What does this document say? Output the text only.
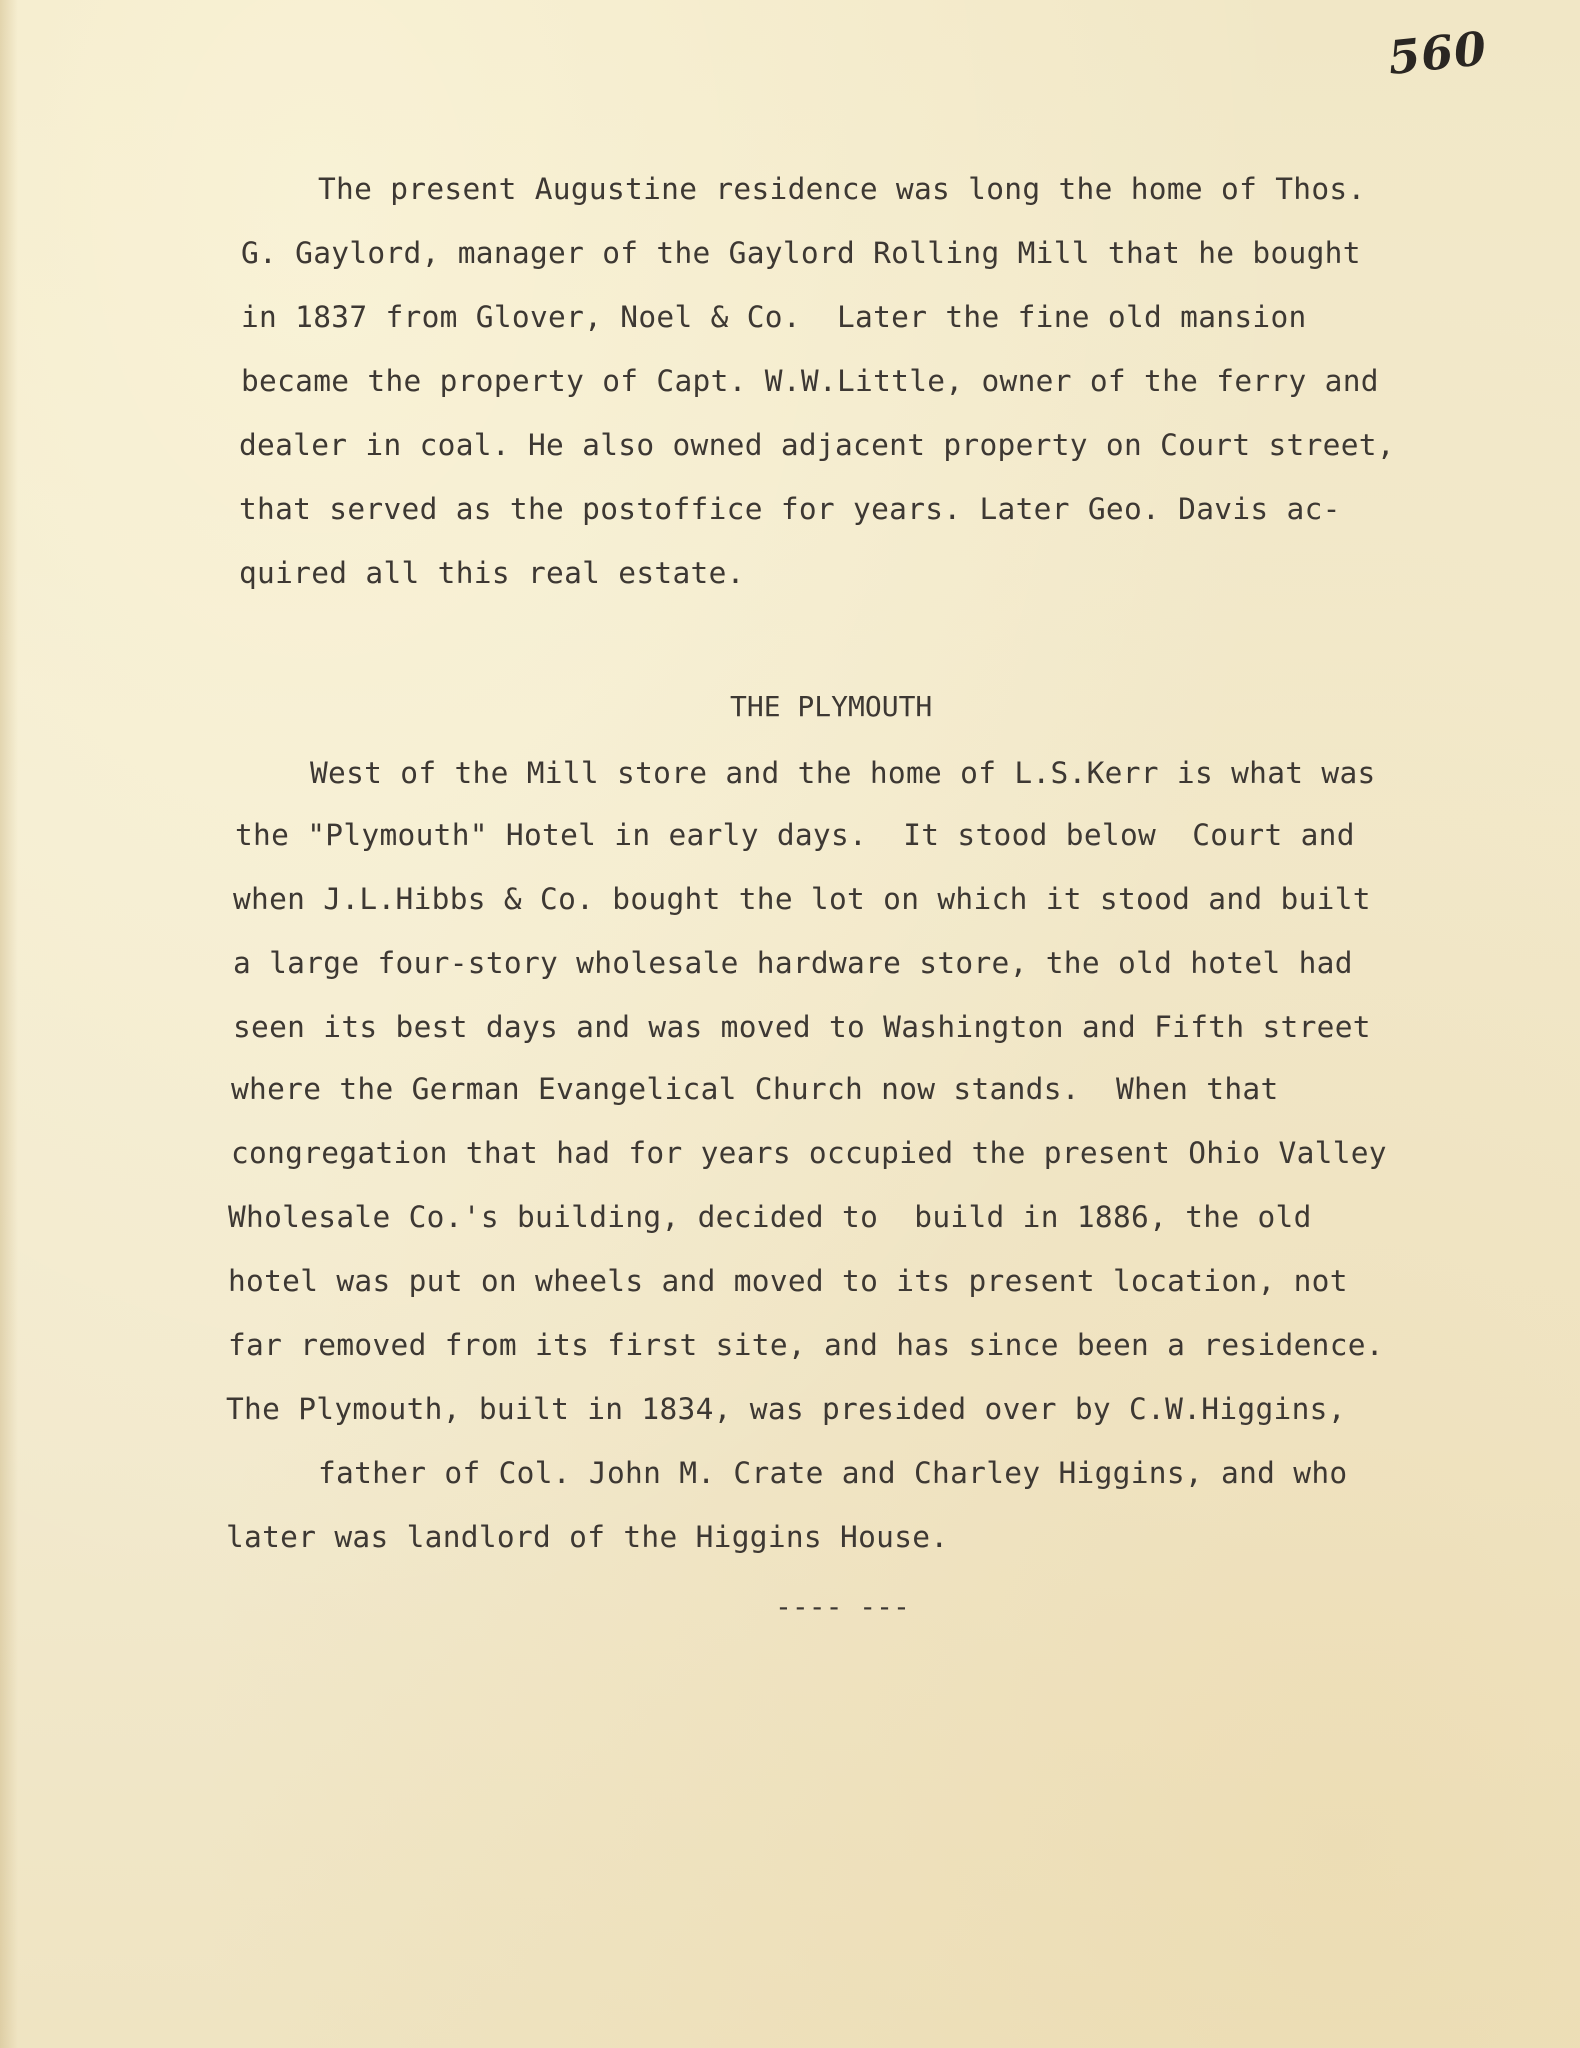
560
The present Augustine residence was long the home of Thos.
G. Gaylord, manager of the Gaylord Rolling Mill that he bought
in 1837 from Glover, Noel & Co.  Later the fine old mansion
became the property of Capt. W.W.Little, owner of the ferry and
dealer in coal. He also owned adjacent property on Court street,
that served as the postoffice for years. Later Geo. Davis ac-
quired all this real estate.
THE PLYMOUTH
West of the Mill store and the home of L.S.Kerr is what was
the "Plymouth" Hotel in early days.  It stood below  Court and
when J.L.Hibbs & Co. bought the lot on which it stood and built
a large four-story wholesale hardware store, the old hotel had
seen its best days and was moved to Washington and Fifth street
where the German Evangelical Church now stands.  When that
congregation that had for years occupied the present Ohio Valley
Wholesale Co.'s building, decided to  build in 1886, the old
hotel was put on wheels and moved to its present location, not
far removed from its first site, and has since been a residence.
The Plymouth, built in 1834, was presided over by C.W.Higgins,
father of Col. John M. Crate and Charley Higgins, and who
later was landlord of the Higgins House.
---- ---
